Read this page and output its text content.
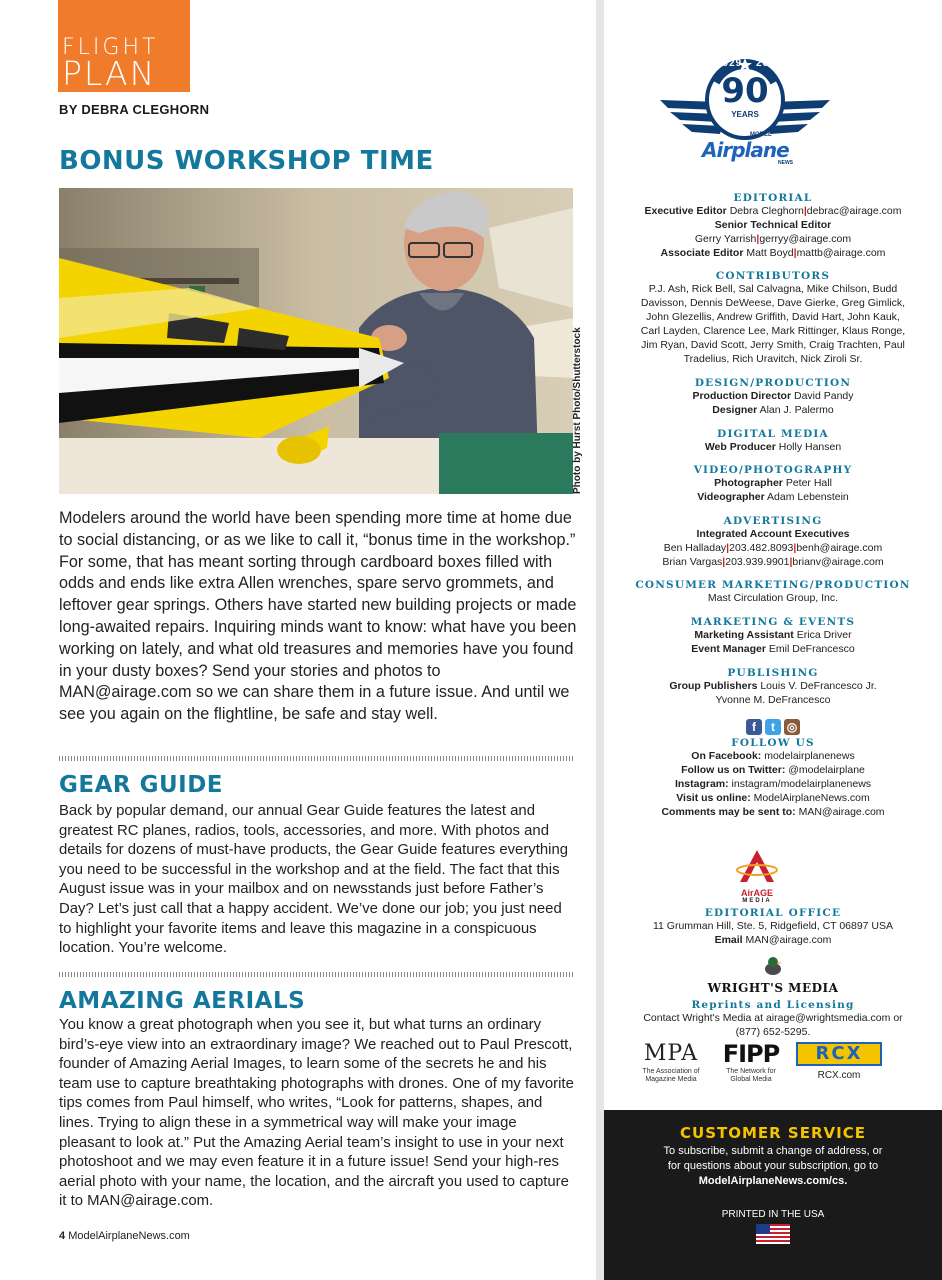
FLIGHT
PLAN
BY DEBRA CLEGHORN
BONUS WORKSHOP TIME
Photo by Hurst Photo/Shutterstock
Modelers around the world have been spending more time at home due to social distancing, or as we like to call it, “bonus time in the workshop.” For some, that has meant sorting through cardboard boxes filled with odds and ends like extra Allen wrenches, spare servo grommets, and leftover gear springs. Others have started new building projects or made long-awaited repairs. Inquiring minds want to know: what have you been working on lately, and what old treasures and memories have you found in your dusty boxes? Send your stories and photos to MAN@airage.com so we can share them in a future issue. And until we see you again on the flightline, be safe and stay well.
GEAR GUIDE
Back by popular demand, our annual Gear Guide features the latest and greatest RC planes, radios, tools, accessories, and more. With photos and details for dozens of must-have products, the Gear Guide features everything you need to be successful in the workshop and at the field. The fact that this August issue was in your mailbox and on newsstands just before Father’s Day? Let’s just call that a happy accident. We’ve done our job; you just need to highlight your favorite items and leave this magazine in a conspicuous location. You’re welcome.
AMAZING AERIALS
You know a great photograph when you see it, but what turns an ordinary bird’s-eye view into an extraordinary image? We reached out to Paul Prescott, founder of Amazing Aerial Images, to learn some of the secrets he and his team use to capture breathtaking photographs with drones. One of my favorite tips comes from Paul himself, who writes, “Look for patterns, shapes, and lines. Trying to align these in a symmetrical way will make your image pleasant to look at.” Put the Amazing Aerial team’s insight to use in your next photoshoot and we may even feature it in a future issue! Send your high-res aerial photo with your name, the location, and the aircraft you used to capture it to MAN@airage.com.
4 ModelAirplaneNews.com
1929 2019
90
YEARS
MODEL
Airplane
NEWS
EDITORIAL
Executive Editor Debra Cleghorn|debrac@airage.com
Senior Technical Editor
Gerry Yarrish|gerryy@airage.com
Associate Editor Matt Boyd|mattb@airage.com
CONTRIBUTORS
P.J. Ash, Rick Bell, Sal Calvagna, Mike Chilson, Budd
Davisson, Dennis DeWeese, Dave Gierke, Greg Gimlick,
John Glezellis, Andrew Griffith, David Hart, John Kauk,
Carl Layden, Clarence Lee, Mark Rittinger, Klaus Ronge,
Jim Ryan, David Scott, Jerry Smith, Craig Trachten, Paul
Tradelius, Rich Uravitch, Nick Ziroli Sr.
DESIGN/PRODUCTION
Production Director David Pandy
Designer Alan J. Palermo
DIGITAL MEDIA
Web Producer Holly Hansen
VIDEO/PHOTOGRAPHY
Photographer Peter Hall
Videographer Adam Lebenstein
ADVERTISING
Integrated Account Executives
Ben Halladay|203.482.8093|benh@airage.com
Brian Vargas|203.939.9901|brianv@airage.com
CONSUMER MARKETING/PRODUCTION
Mast Circulation Group, Inc.
MARKETING & EVENTS
Marketing Assistant Erica Driver
Event Manager Emil DeFrancesco
PUBLISHING
Group Publishers Louis V. DeFrancesco Jr.
Yvonne M. DeFrancesco
f	t ◎
FOLLOW US
On Facebook: modelairplanenews
Follow us on Twitter: @modelairplane
Instagram: instagram/modelairplanenews
Visit us online: ModelAirplaneNews.com
Comments may be sent to: MAN@airage.com
AirAGE
MEDIA
EDITORIAL OFFICE
11 Grumman Hill, Ste. 5, Ridgefield, CT 06897 USA
Email MAN@airage.com
WRIGHT'S MEDIA
Reprints and Licensing
Contact Wright's Media at airage@wrightsmedia.com or
(877) 652-5295.
MPA
The Association of
Magazine Media
FIPP
The Network for
Global Media
RCX
RCX.com
CUSTOMER SERVICE
To subscribe, submit a change of address, or
for questions about your subscription, go to
ModelAirplaneNews.com/cs.
PRINTED IN THE USA
